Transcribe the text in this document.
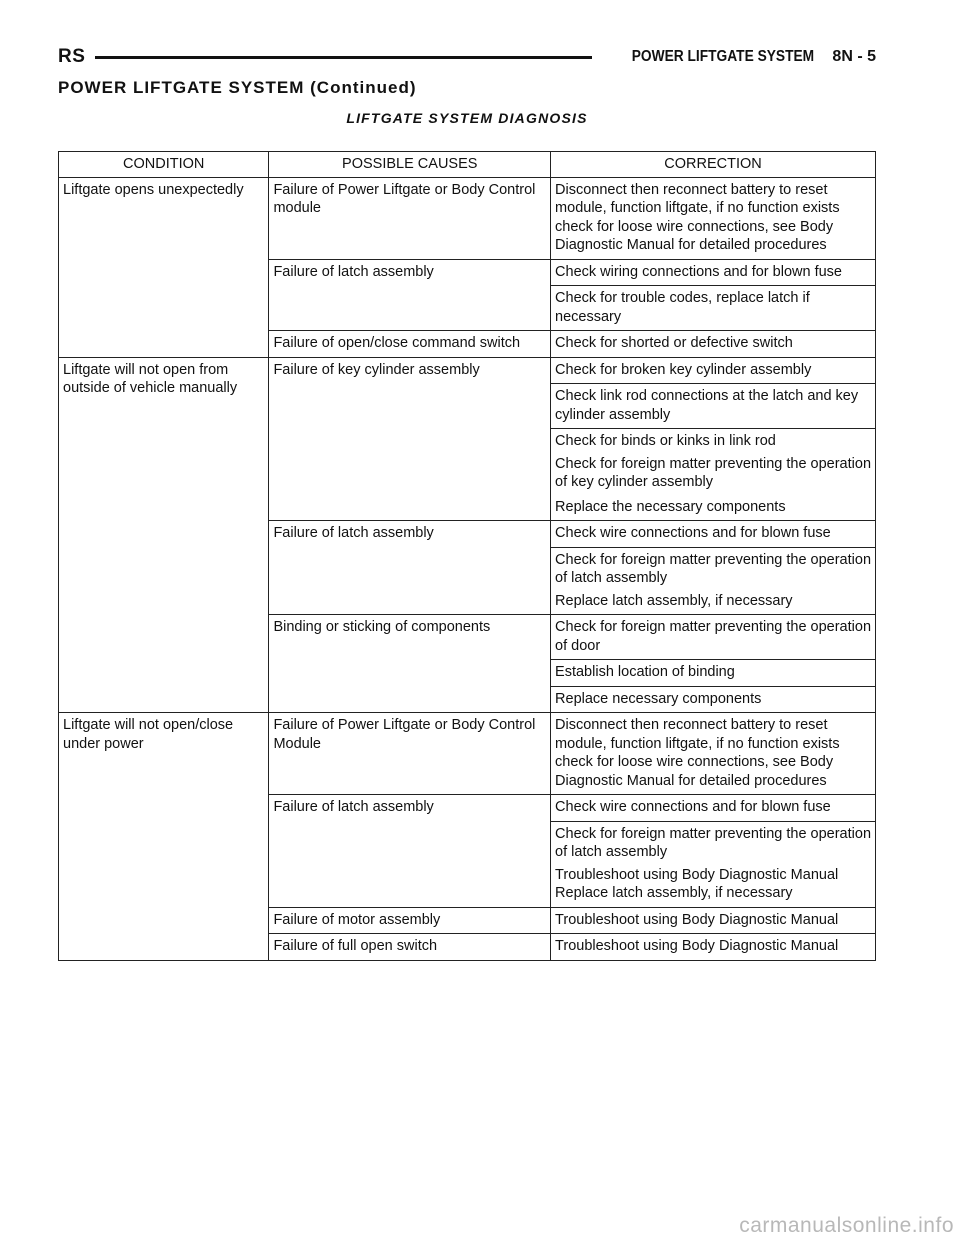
RS	POWER LIFTGATE SYSTEM 8N - 5
POWER LIFTGATE SYSTEM (Continued)
LIFTGATE SYSTEM DIAGNOSIS
CONDITION	POSSIBLE CAUSES	CORRECTION
Liftgate opens unexpectedly	Failure of Power Liftgate or Body Control module	Disconnect then reconnect battery to reset module, function liftgate, if no function exists check for loose wire connections, see Body Diagnostic Manual for detailed procedures

	Failure of latch assembly	Check wiring connections and for blown fuse

		Check for trouble codes, replace latch if necessary

	Failure of open/close command switch	Check for shorted or defective switch

Liftgate will not open from outside of vehicle manually	Failure of key cylinder assembly	Check for broken key cylinder assembly

		Check link rod connections at the latch and key cylinder assembly

		Check for binds or kinks in link rod
Check for foreign matter preventing the operation of key cylinder assembly
Replace the necessary components

	Failure of latch assembly	Check wire connections and for blown fuse

		Check for foreign matter preventing the operation of latch assembly
Replace latch assembly, if necessary

	Binding or sticking of components	Check for foreign matter preventing the operation of door

		Establish location of binding

		Replace necessary components

Liftgate will not open/close under power	Failure of Power Liftgate or Body Control Module	Disconnect then reconnect battery to reset module, function liftgate, if no function exists check for loose wire connections, see Body Diagnostic Manual for detailed procedures

	Failure of latch assembly	Check wire connections and for blown fuse

		Check for foreign matter preventing the operation of latch assembly
Troubleshoot using Body Diagnostic Manual Replace latch assembly, if necessary

	Failure of motor assembly	Troubleshoot using Body Diagnostic Manual

	Failure of full open switch	Troubleshoot using Body Diagnostic Manual
carmanualsonline.info
